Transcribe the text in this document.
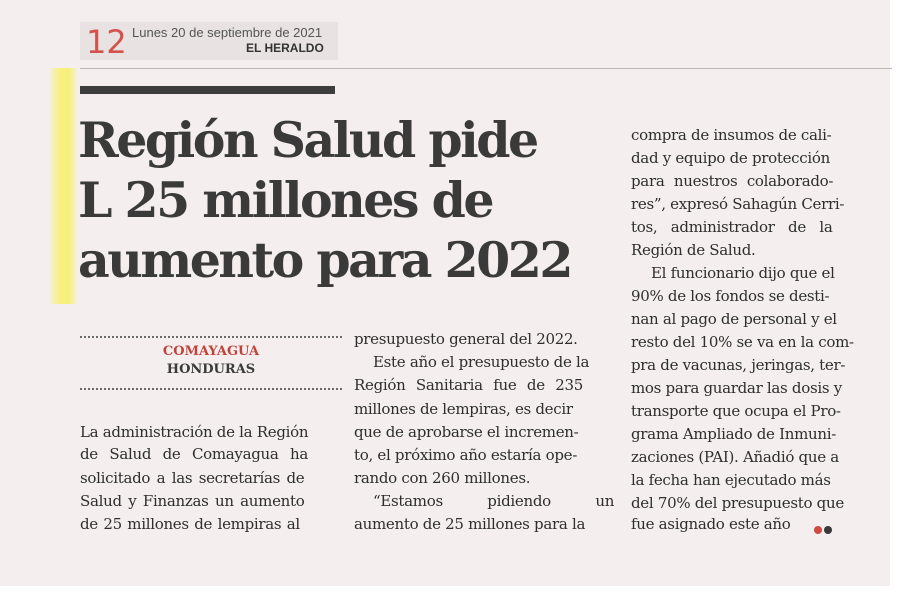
12 Lunes 20 de septiembre de 2021
EL HERALDO
Región Salud pide
L 25 millones de
aumento para 2022
COMAYAGUA
HONDURAS
La administración de la Región
de Salud de Comayagua ha
solicitado a las secretarías de
Salud y Finanzas un aumento
de 25 millones de lempiras al
presupuesto general del 2022.
Este año el presupuesto de la
Región Sanitaria fue de 235
millones de lempiras, es decir
que de aprobarse el incremen-
to, el próximo año estaría ope-
rando con 260 millones.
“Estamos pidiendo un
aumento de 25 millones para la
compra de insumos de cali-
dad y equipo de protección
para nuestros colaborado-
res”, expresó Sahagún Cerri-
tos, administrador de la
Región de Salud.
El funcionario dijo que el
90% de los fondos se desti-
nan al pago de personal y el
resto del 10% se va en la com-
pra de vacunas, jeringas, ter-
mos para guardar las dosis y
transporte que ocupa el Pro-
grama Ampliado de Inmuni-
zaciones (PAI). Añadió que a
la fecha han ejecutado más
del 70% del presupuesto que
fue asignado este año
